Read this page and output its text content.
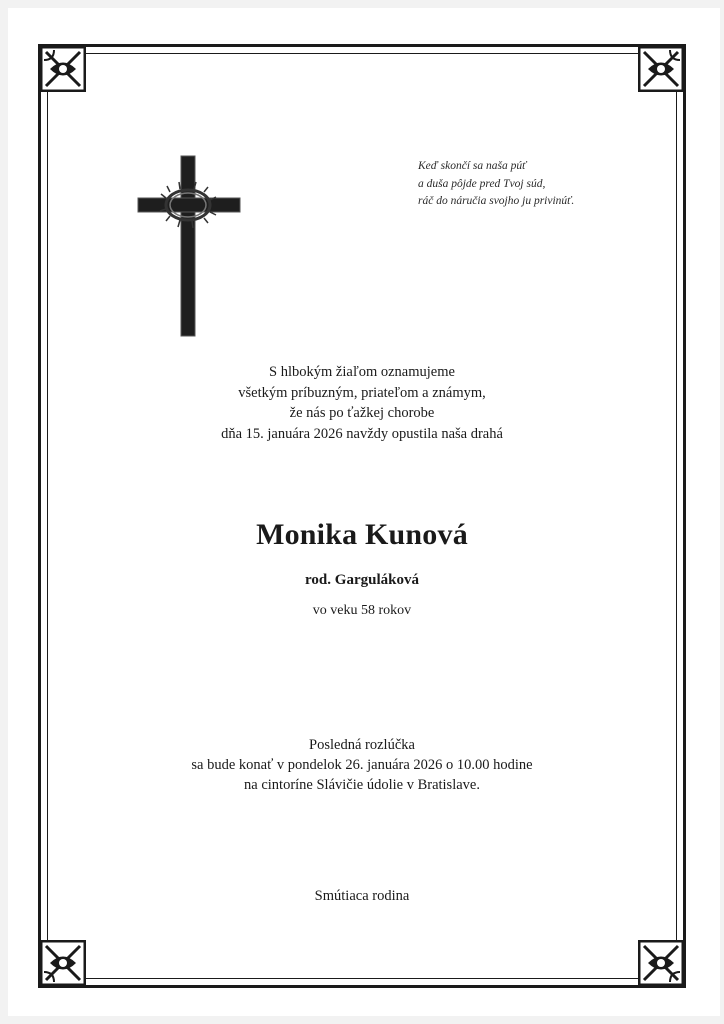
Keď skončí sa naša púť
a duša pôjde pred Tvoj súd,
ráč do náručia svojho ju privinúť.
S hlbokým žiaľom oznamujeme
všetkým príbuzným, priateľom a známym,
že nás po ťažkej chorobe
dňa 15. januára 2026 navždy opustila naša drahá
Monika Kunová
rod. Garguláková
vo veku 58 rokov
Posledná rozlúčka
sa bude konať v pondelok 26. januára 2026 o 10.00 hodine
na cintoríne Slávičie údolie v Bratislave.
Smútiaca rodina
